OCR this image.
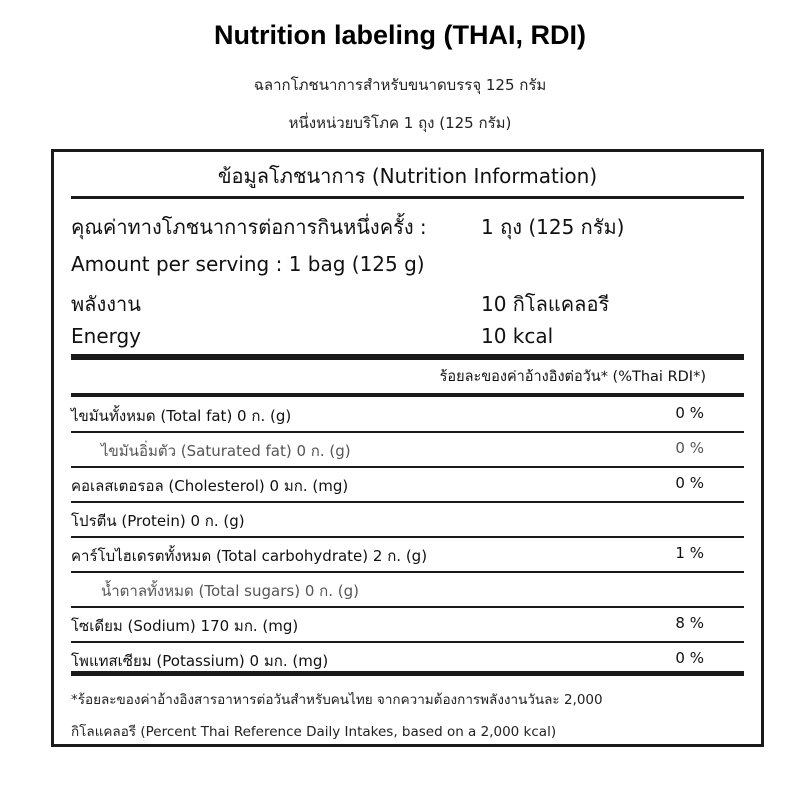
Nutrition labeling (THAI, RDI)
ฉลากโภชนาการสำหรับขนาดบรรจุ 125 กรัม
หนึ่งหน่วยบริโภค 1 ถุง (125 กรัม)
ข้อมูลโภชนาการ (Nutrition Information)
คุณค่าทางโภชนาการต่อการกินหนึ่งครั้ง :	1 ถุง (125 กรัม)
Amount per serving : 1 bag (125 g)
พลังงาน	10 กิโลแคลอรี
Energy	10 kcal
ร้อยละของค่าอ้างอิงต่อวัน* (%Thai RDI*)
ไขมันทั้งหมด (Total fat) 0 ก. (g)	0 %
ไขมันอิ่มตัว (Saturated fat) 0 ก. (g)	0 %
คอเลสเตอรอล (Cholesterol) 0 มก. (mg)	0 %
โปรตีน (Protein) 0 ก. (g)
คาร์โบไฮเดรตทั้งหมด (Total carbohydrate) 2 ก. (g)	1 %
น้ำตาลทั้งหมด (Total sugars) 0 ก. (g)
โซเดียม (Sodium) 170 มก. (mg)	8 %
โพแทสเซียม (Potassium) 0 มก. (mg)	0 %
*ร้อยละของค่าอ้างอิงสารอาหารต่อวันสำหรับคนไทย จากความต้องการพลังงานวันละ 2,000
กิโลแคลอรี (Percent Thai Reference Daily Intakes, based on a 2,000 kcal)
